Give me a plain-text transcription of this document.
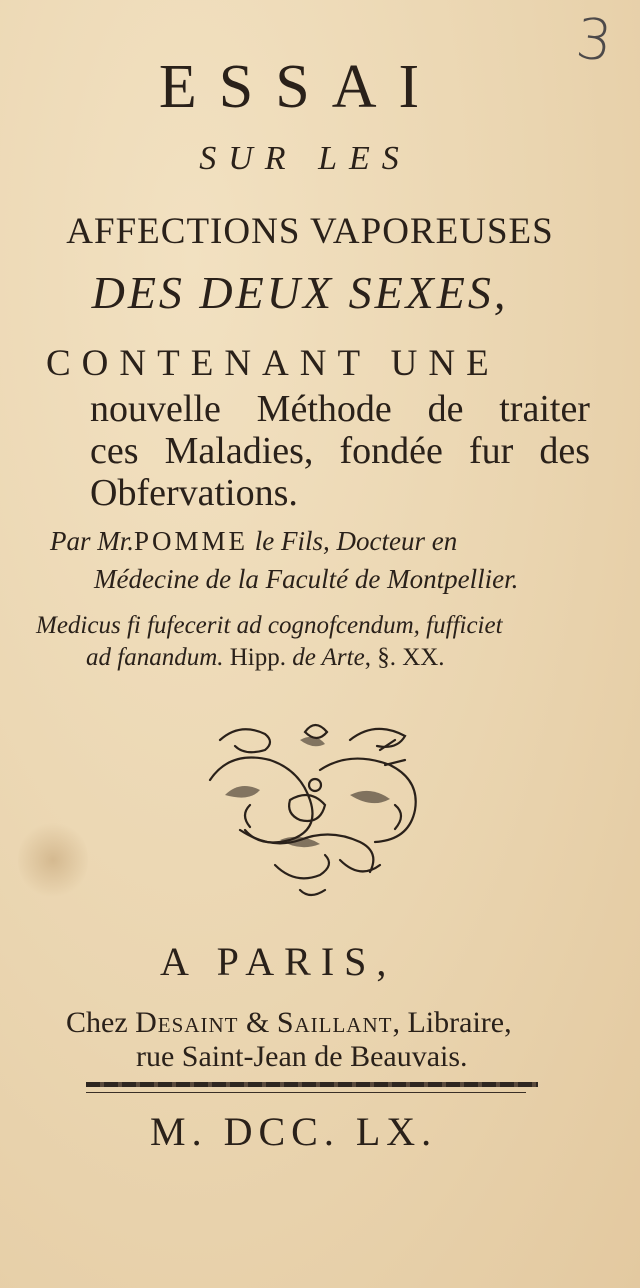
3
ESSAI
SUR LES
AFFECTIONS VAPOREUSES
DES DEUX SEXES,
CONTENANT UNE
nouvelle Méthode de traiter
ces Maladies, fondée fur des
Obfervations.
Par Mr.POMME le Fils, Docteur en
Médecine de la Faculté de Montpellier.
Medicus fi fufecerit ad cognofcendum, fufficiet
ad fanandum. Hipp. de Arte, §. XX.
A PARIS,
Chez Desaint & Saillant, Libraire,
rue Saint-Jean de Beauvais.
M. DCC. LX.
